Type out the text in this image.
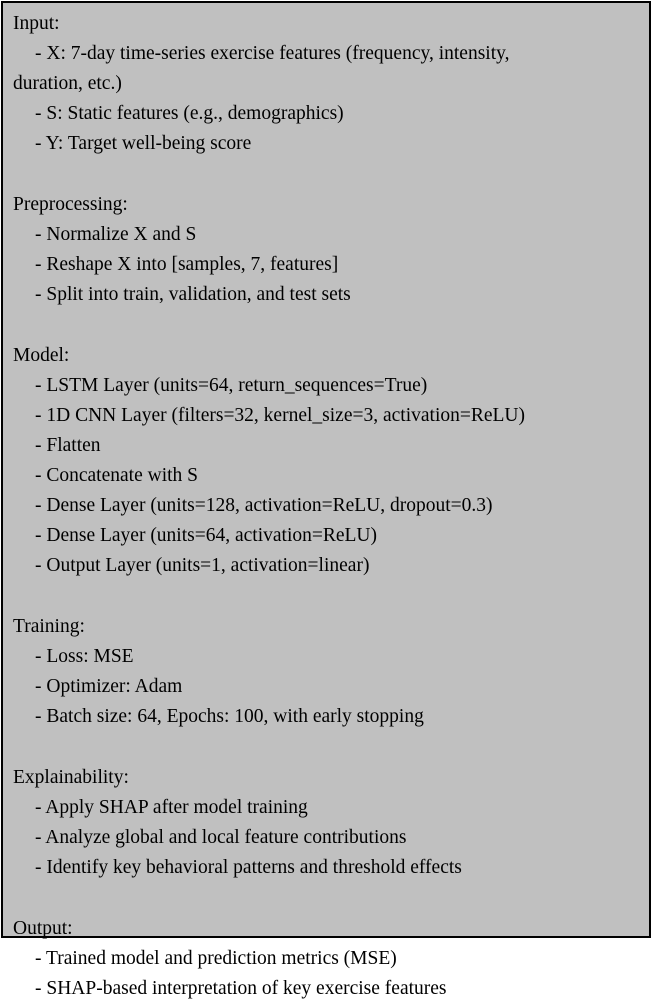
Input:
- X: 7-day time-series exercise features (frequency, intensity,
duration, etc.)
- S: Static features (e.g., demographics)
- Y: Target well-being score
Preprocessing:
- Normalize X and S
- Reshape X into [samples, 7, features]
- Split into train, validation, and test sets
Model:
- LSTM Layer (units=64, return_sequences=True)
- 1D CNN Layer (filters=32, kernel_size=3, activation=ReLU)
- Flatten
- Concatenate with S
- Dense Layer (units=128, activation=ReLU, dropout=0.3)
- Dense Layer (units=64, activation=ReLU)
- Output Layer (units=1, activation=linear)
Training:
- Loss: MSE
- Optimizer: Adam
- Batch size: 64, Epochs: 100, with early stopping
Explainability:
- Apply SHAP after model training
- Analyze global and local feature contributions
- Identify key behavioral patterns and threshold effects
Output:
- Trained model and prediction metrics (MSE)
- SHAP-based interpretation of key exercise features
